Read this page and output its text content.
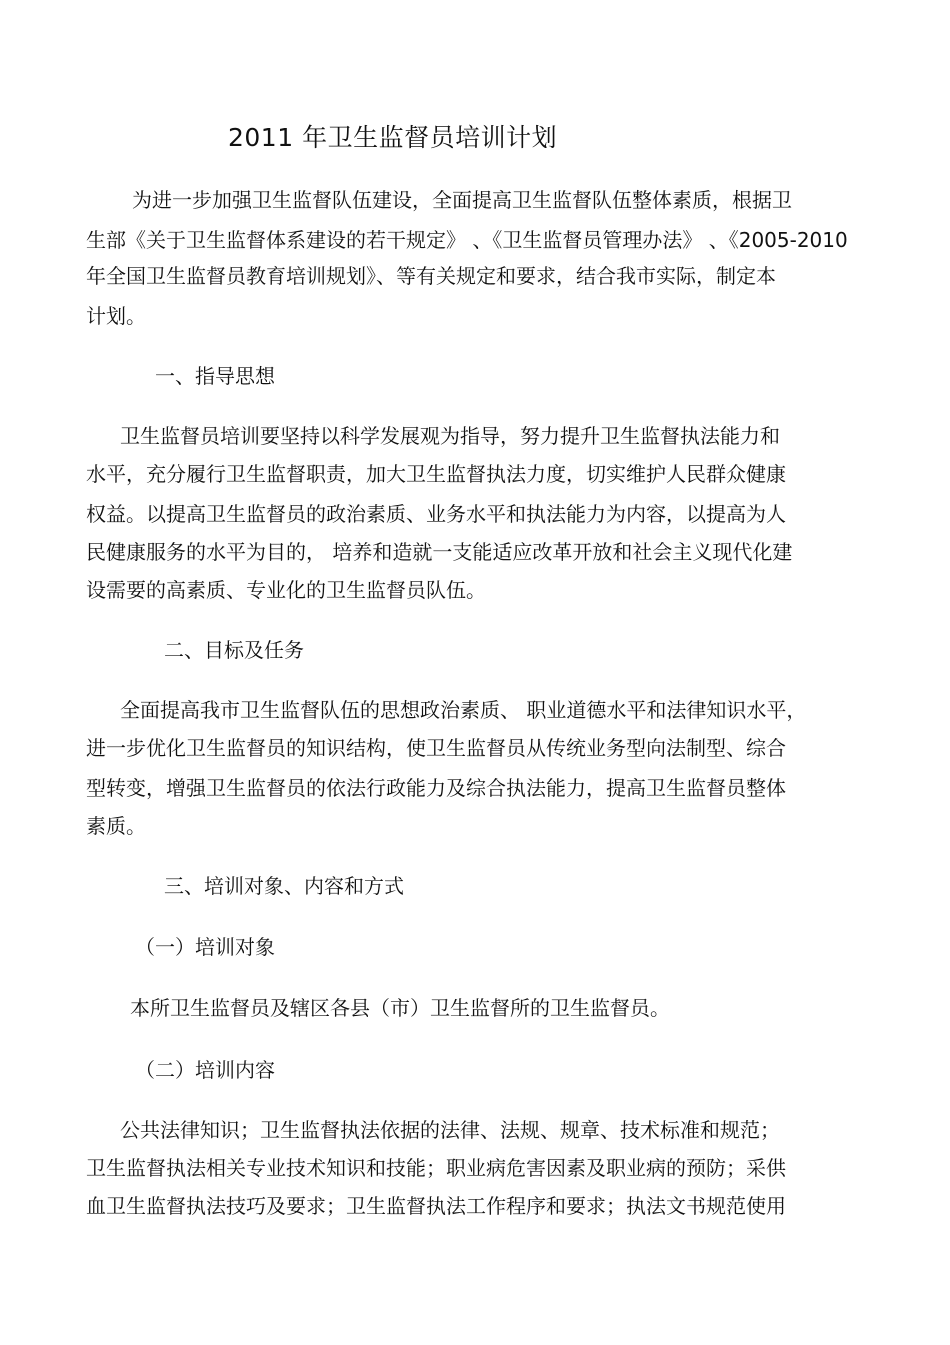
2011 年卫生监督员培训计划
为进一步加强卫生监督队伍建设，全面提高卫生监督队伍整体素质，根据卫
生部《关于卫生监督体系建设的若干规定》 、《卫生监督员管理办法》 、《2005-2010
年全国卫生监督员教育培训规划》、等有关规定和要求，结合我市实际，制定本
计划。
一、指导思想
卫生监督员培训要坚持以科学发展观为指导，努力提升卫生监督执法能力和
水平，充分履行卫生监督职责，加大卫生监督执法力度，切实维护人民群众健康
权益。以提高卫生监督员的政治素质、业务水平和执法能力为内容，以提高为人
民健康服务的水平为目的， 培养和造就一支能适应改革开放和社会主义现代化建
设需要的高素质、专业化的卫生监督员队伍。
二、目标及任务
全面提高我市卫生监督队伍的思想政治素质、 职业道德水平和法律知识水平，
进一步优化卫生监督员的知识结构，使卫生监督员从传统业务型向法制型、综合
型转变，增强卫生监督员的依法行政能力及综合执法能力，提高卫生监督员整体
素质。
三、培训对象、内容和方式
（一）培训对象
本所卫生监督员及辖区各县（市）卫生监督所的卫生监督员。
（二）培训内容
公共法律知识；卫生监督执法依据的法律、法规、规章、技术标准和规范；
卫生监督执法相关专业技术知识和技能；职业病危害因素及职业病的预防；采供
血卫生监督执法技巧及要求；卫生监督执法工作程序和要求；执法文书规范使用
